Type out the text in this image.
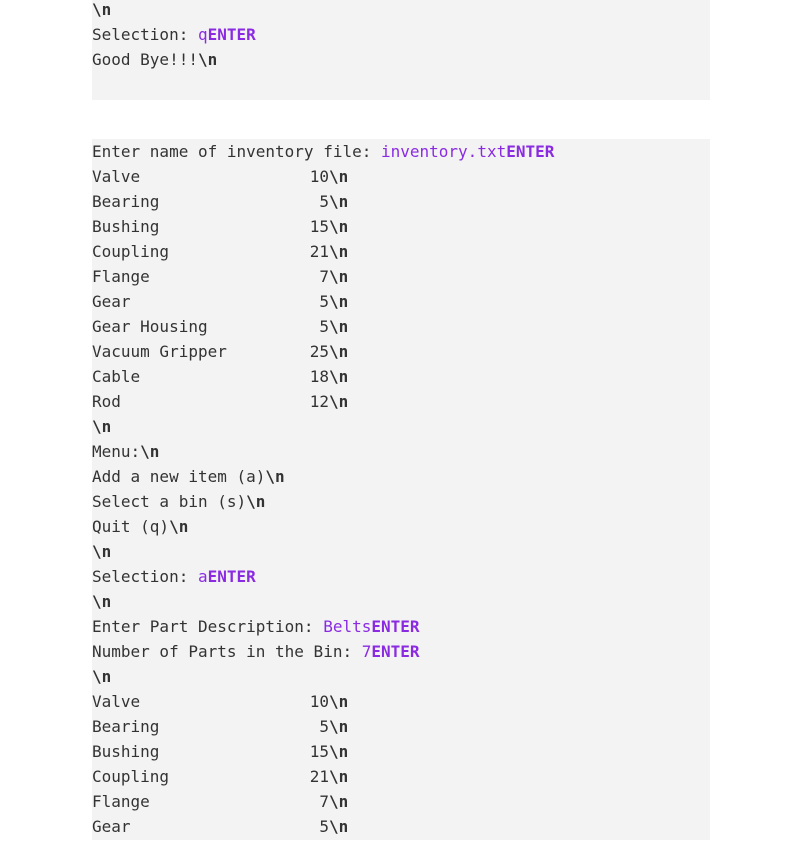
\n
Selection: qENTER
Good Bye!!!\n
Enter name of inventory file: inventory.txtENTER
Valve	10\n
Bearing	5\n
Bushing	15\n
Coupling	21\n
Flange	7\n
Gear	5\n
Gear Housing	5\n
Vacuum Gripper	25\n
Cable	18\n
Rod	12\n
\n
Menu:\n
Add a new item (a)\n
Select a bin (s)\n
Quit (q)\n
\n
Selection: aENTER
\n
Enter Part Description: BeltsENTER
Number of Parts in the Bin: 7ENTER
\n
Valve	10\n
Bearing	5\n
Bushing	15\n
Coupling	21\n
Flange	7\n
Gear	5\n
